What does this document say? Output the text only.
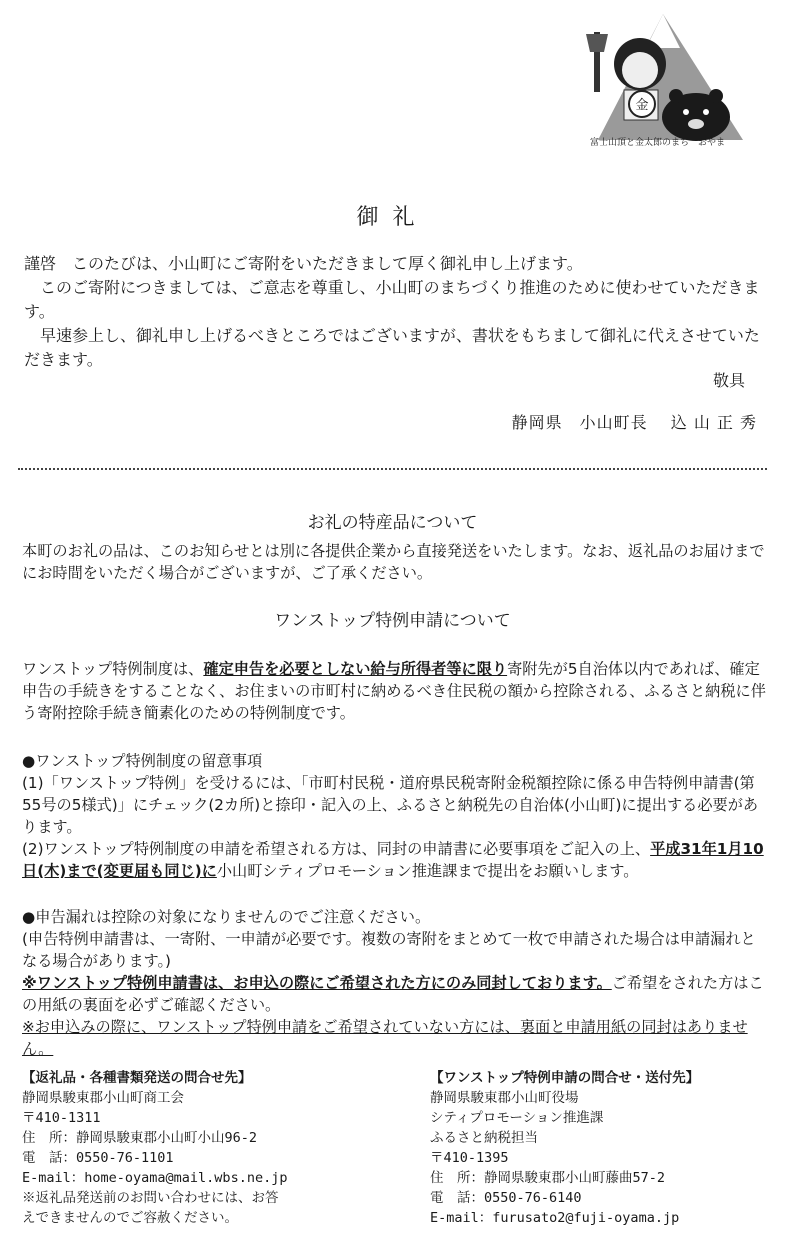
金
富士山頂と金太郎のまち　おやま
御礼
謹啓　このたびは、小山町にご寄附をいただきまして厚く御礼申し上げます。
　このご寄附につきましては、ご意志を尊重し、小山町のまちづくり推進のために使わせていただきます。
　早速参上し、御礼申し上げるべきところではございますが、書状をもちまして御礼に代えさせていただきます。
敬具
静岡県　小山町長　 込 山 正 秀
お礼の特産品について

本町のお礼の品は、このお知らせとは別に各提供企業から直接発送をいたします。なお、返礼品のお届けまでにお時間をいただく場合がございますが、ご了承ください。

ワンストップ特例申請について

ワンストップ特例制度は、確定申告を必要としない給与所得者等に限り寄附先が5自治体以内であれば、確定申告の手続きをすることなく、お住まいの市町村に納めるべき住民税の額から控除される、ふるさと納税に伴う寄附控除手続き簡素化のための特例制度です。

●ワンストップ特例制度の留意事項

(1)「ワンストップ特例」を受けるには、「市町村民税・道府県民税寄附金税額控除に係る申告特例申請書(第55号の5様式)」にチェック(2カ所)と捺印・記入の上、ふるさと納税先の自治体(小山町)に提出する必要があります。

(2)ワンストップ特例制度の申請を希望される方は、同封の申請書に必要事項をご記入の上、平成31年1月10日(木)まで(変更届も同じ)に小山町シティプロモーション推進課まで提出をお願いします。

●申告漏れは控除の対象になりませんのでご注意ください。

(申告特例申請書は、一寄附、一申請が必要です。複数の寄附をまとめて一枚で申請された場合は申請漏れとなる場合があります。)

※ワンストップ特例申請書は、お申込の際にご希望された方にのみ同封しております。ご希望をされた方はこの用紙の裏面を必ずご確認ください。

※お申込みの際に、ワンストップ特例申請をご希望されていない方には、裏面と申請用紙の同封はありません。

【返礼品・各種書類発送の問合せ先】
静岡県駿東郡小山町商工会
〒410-1311
住　所：静岡県駿東郡小山町小山96-2
電　話：0550-76-1101
E-mail：home-oyama@mail.wbs.ne.jp
※返礼品発送前のお問い合わせには、お答
えできませんのでご容赦ください。
【ワンストップ特例申請の問合せ・送付先】
静岡県駿東郡小山町役場
シティプロモーション推進課
ふるさと納税担当
〒410-1395
住　所：静岡県駿東郡小山町藤曲57-2
電　話：0550-76-6140
E-mail：furusato2@fuji-oyama.jp
